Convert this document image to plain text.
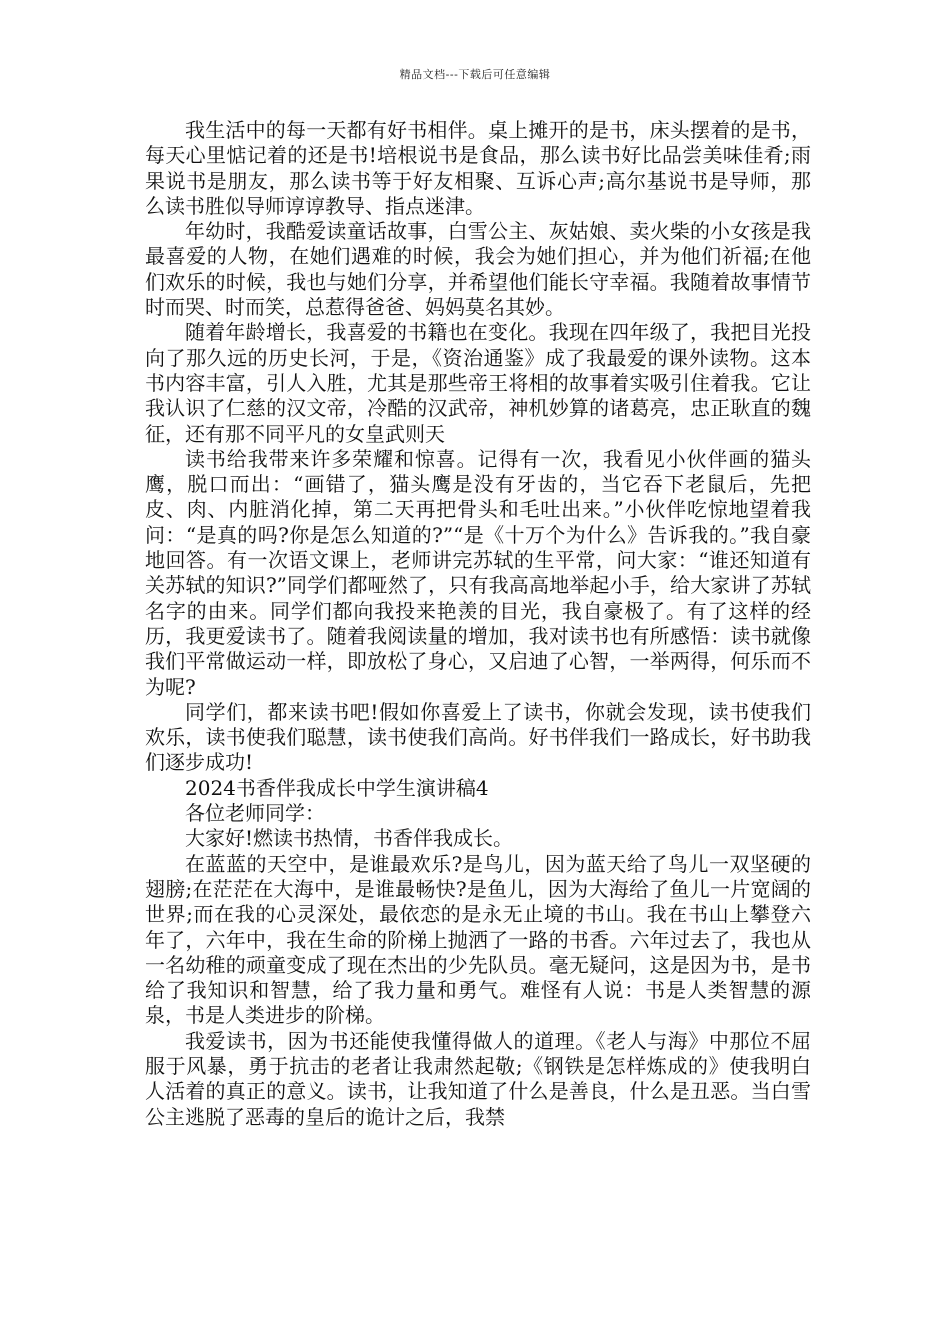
精品文档---下载后可任意编辑

我生活中的每一天都有好书相伴。桌上摊开的是书，床头摆着的是书，每天心里惦记着的还是书!培根说书是食品，那么读书好比品尝美味佳肴;雨果说书是朋友，那么读书等于好友相聚、互诉心声;高尔基说书是导师，那么读书胜似导师谆谆教导、指点迷津。

年幼时，我酷爱读童话故事，白雪公主、灰姑娘、卖火柴的小女孩是我最喜爱的人物，在她们遇难的时候，我会为她们担心，并为他们祈福;在他们欢乐的时候，我也与她们分享，并希望他们能长守幸福。我随着故事情节时而哭、时而笑，总惹得爸爸、妈妈莫名其妙。

随着年龄增长，我喜爱的书籍也在变化。我现在四年级了，我把目光投向了那久远的历史长河，于是，《资治通鉴》成了我最爱的课外读物。这本书内容丰富，引人入胜，尤其是那些帝王将相的故事着实吸引住着我。它让我认识了仁慈的汉文帝，冷酷的汉武帝，神机妙算的诸葛亮，忠正耿直的魏征，还有那不同平凡的女皇武则天

读书给我带来许多荣耀和惊喜。记得有一次，我看见小伙伴画的猫头鹰，脱口而出：“画错了，猫头鹰是没有牙齿的，当它吞下老鼠后，先把皮、肉、内脏消化掉，第二天再把骨头和毛吐出来。”小伙伴吃惊地望着我问：“是真的吗?你是怎么知道的?”“是《十万个为什么》告诉我的。”我自豪地回答。有一次语文课上，老师讲完苏轼的生平常，问大家：“谁还知道有关苏轼的知识?”同学们都哑然了，只有我高高地举起小手，给大家讲了苏轼名字的由来。同学们都向我投来艳羡的目光，我自豪极了。有了这样的经历，我更爱读书了。随着我阅读量的增加，我对读书也有所感悟：读书就像我们平常做运动一样，即放松了身心，又启迪了心智，一举两得，何乐而不为呢?

同学们，都来读书吧!假如你喜爱上了读书，你就会发现，读书使我们欢乐，读书使我们聪慧，读书使我们高尚。好书伴我们一路成长，好书助我们逐步成功!

2024书香伴我成长中学生演讲稿4

各位老师同学：

大家好!燃读书热情，书香伴我成长。

在蓝蓝的天空中，是谁最欢乐?是鸟儿，因为蓝天给了鸟儿一双坚硬的翅膀;在茫茫在大海中，是谁最畅快?是鱼儿，因为大海给了鱼儿一片宽阔的世界;而在我的心灵深处，最依恋的是永无止境的书山。我在书山上攀登六年了，六年中，我在生命的阶梯上抛洒了一路的书香。六年过去了，我也从一名幼稚的顽童变成了现在杰出的少先队员。毫无疑问，这是因为书，是书给了我知识和智慧，给了我力量和勇气。难怪有人说：书是人类智慧的源泉，书是人类进步的阶梯。

我爱读书，因为书还能使我懂得做人的道理。《老人与海》中那位不屈服于风暴，勇于抗击的老者让我肃然起敬;《钢铁是怎样炼成的》使我明白人活着的真正的意义。读书，让我知道了什么是善良，什么是丑恶。当白雪公主逃脱了恶毒的皇后的诡计之后，我禁
